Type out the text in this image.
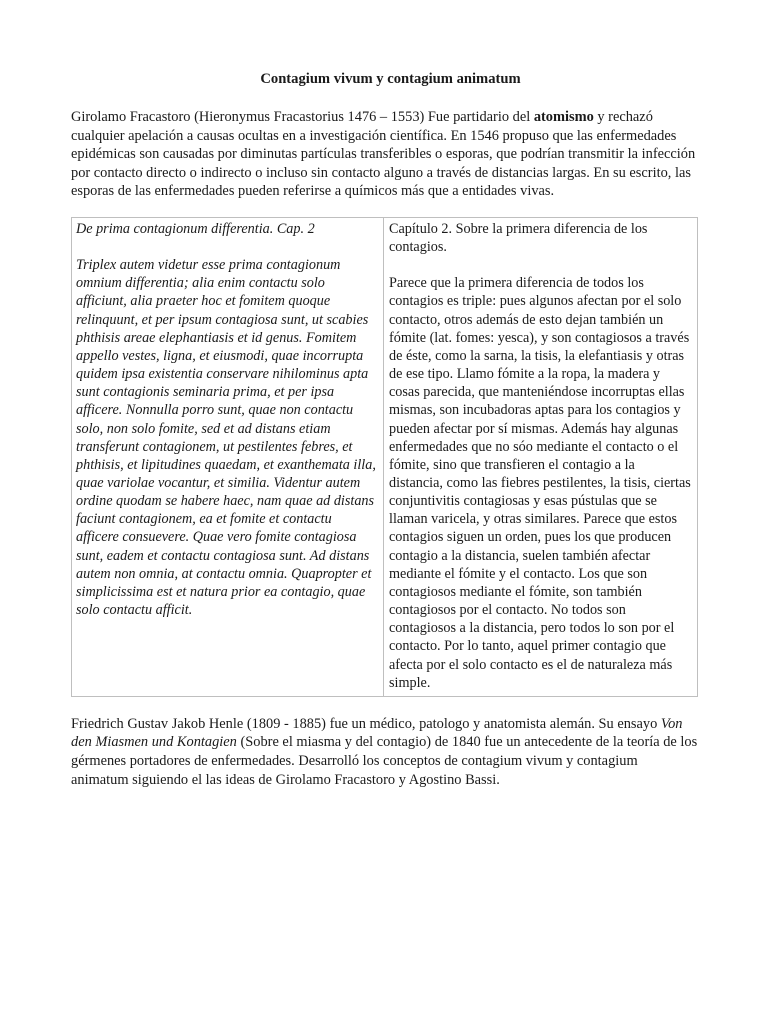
Contagium vivum y contagium animatum

Girolamo Fracastoro (Hieronymus Fracastorius 1476 – 1553) Fue partidario del atomismo y rechazó cualquier apelación a causas ocultas en a investigación científica. En 1546 propuso que las enfermedades epidémicas son causadas por diminutas partículas transferibles o esporas, que podrían transmitir la infección por contacto directo o indirecto o incluso sin contacto alguno a través de distancias largas. En su escrito, las esporas de las enfermedades pueden referirse a químicos más que a entidades vivas.

De prima contagionum differentia. Cap. 2

Triplex autem videtur esse prima contagionum omnium differentia; alia enim contactu solo afficiunt, alia praeter hoc et fomitem quoque relinquunt, et per ipsum contagiosa sunt, ut scabies phthisis areae elephantiasis et id genus. Fomitem appello vestes, ligna, et eiusmodi, quae incorrupta quidem ipsa existentia conservare nihilominus apta sunt contagionis seminaria prima, et per ipsa afficere. Nonnulla porro sunt, quae non contactu solo, non solo fomite, sed et ad distans etiam transferunt contagionem, ut pestilentes febres, et phthisis, et lipitudines quaedam, et exanthemata illa, quae variolae vocantur, et similia. Videntur autem ordine quodam se habere haec, nam quae ad distans faciunt contagionem, ea et fomite et contactu afficere consuevere. Quae vero fomite contagiosa sunt, eadem et contactu contagiosa sunt. Ad distans autem non omnia, at contactu omnia. Quapropter et simplicissima est et natura prior ea contagio, quae solo contactu afficit.

Capítulo 2. Sobre la primera diferencia de los contagios.

Parece que la primera diferencia de todos los contagios es triple: pues algunos afectan por el solo contacto, otros además de esto dejan también un fómite (lat. fomes: yesca), y son contagiosos a través de éste, como la sarna, la tisis, la elefantiasis y otras de ese tipo. Llamo fómite a la ropa, la madera y cosas parecida, que manteniéndose incorruptas ellas mismas, son incubadoras aptas para los contagios y pueden afectar por sí mismas. Además hay algunas enfermedades que no sóo mediante el contacto o el fómite, sino que transfieren el contagio a la distancia, como las fiebres pestilentes, la tisis, ciertas conjuntivitis contagiosas y esas pústulas que se llaman varicela, y otras similares. Parece que estos contagios siguen un orden, pues los que producen contagio a la distancia, suelen también afectar mediante el fómite y el contacto. Los que son contagiosos mediante el fómite, son también contagiosos por el contacto. No todos son contagiosos a la distancia, pero todos lo son por el contacto. Por lo tanto, aquel primer contagio que afecta por el solo contacto es el de naturaleza más simple.

Friedrich Gustav Jakob Henle (1809 - 1885) fue un médico, patologo y anatomista alemán. Su ensayo Von den Miasmen und Kontagien (Sobre el miasma y del contagio) de 1840 fue un antecedente de la teoría de los gérmenes portadores de enfermedades. Desarrolló los conceptos de contagium vivum y contagium animatum siguiendo el las ideas de Girolamo Fracastoro y Agostino Bassi.
